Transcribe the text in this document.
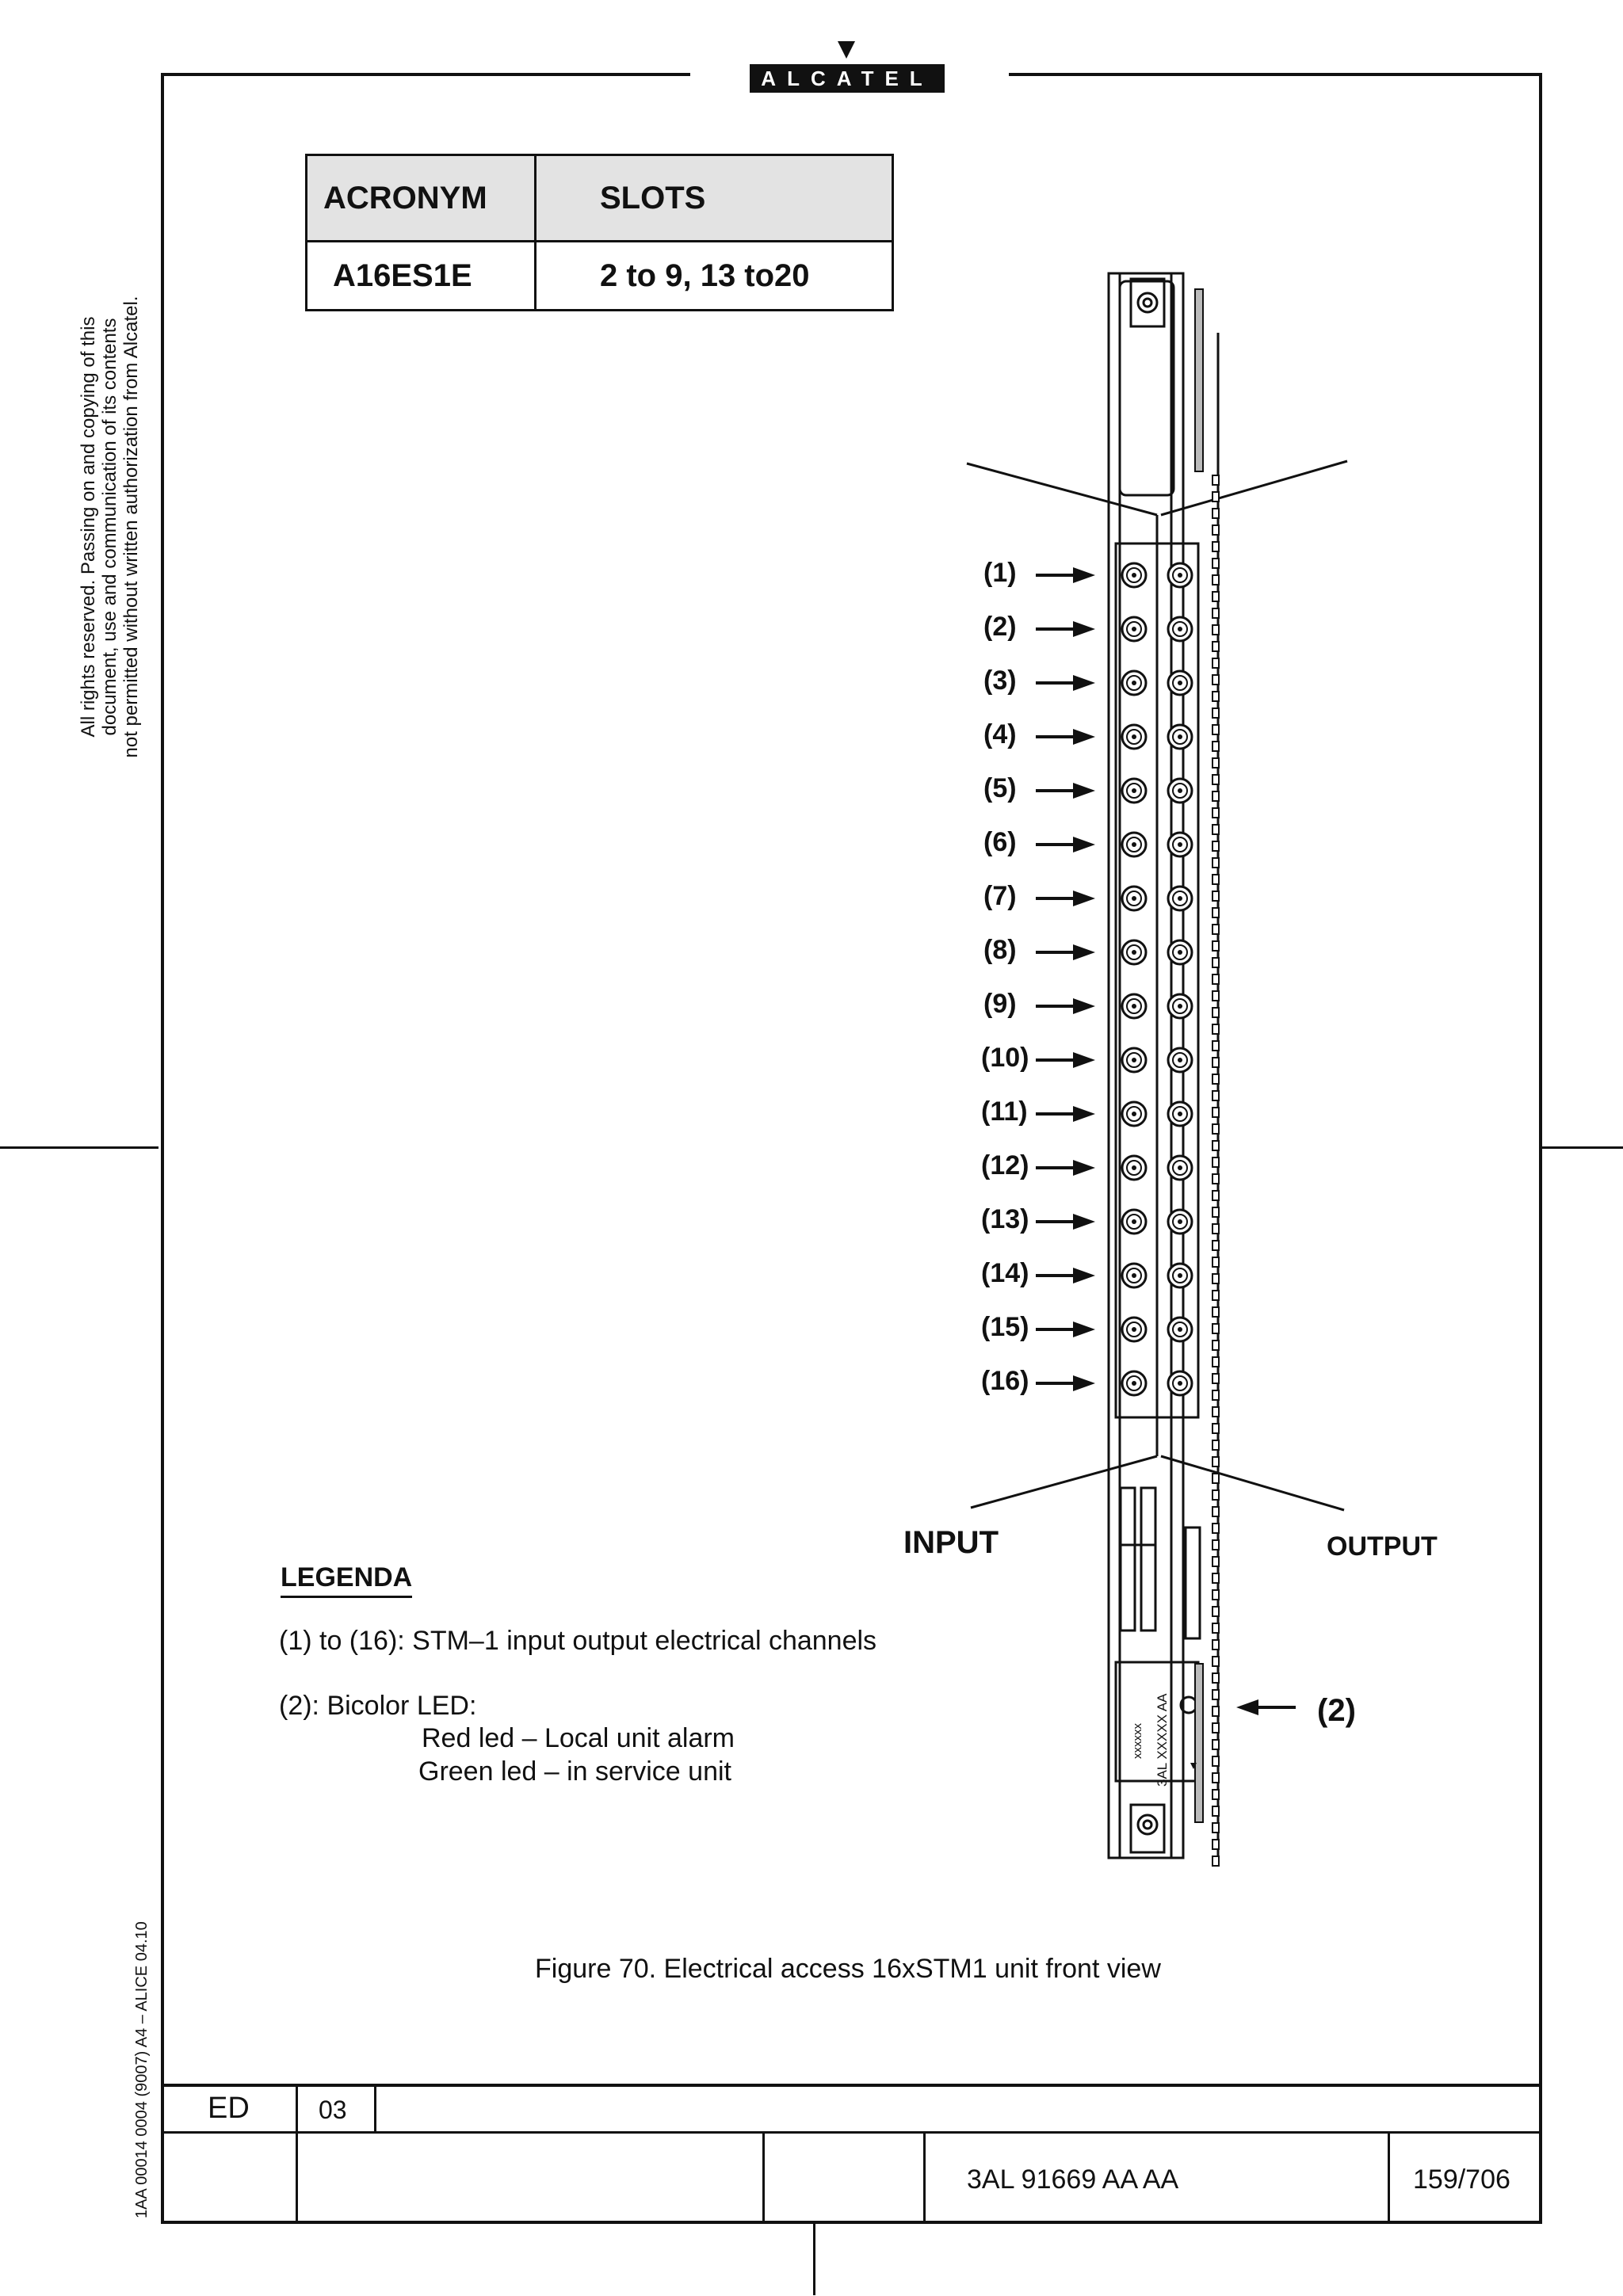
ALCATEL
All rights reserved. Passing on and copying of this document, use and communication of its contents not permitted without written authorization from Alcatel.
1AA 00014 0004 (9007) A4 – ALICE 04.10
ACRONYM	SLOTS
A16ES1E	2 to 9, 13 to20
3AL XXXXX AA
xxxxxx
(1)
(2)
(3)
(4)
(5)
(6)
(7)
(8)
(9)
(10)
(11)
(12)
(13)
(14)
(15)
(16)
INPUT	OUTPUT
(2)
LEGENDA
(1) to (16): STM–1 input output electrical channels
(2): Bicolor LED:
Red led – Local unit alarm
Green led – in service unit
Figure 70. Electrical access 16xSTM1 unit front view
ED	03
3AL 91669 AA AA	159/706
